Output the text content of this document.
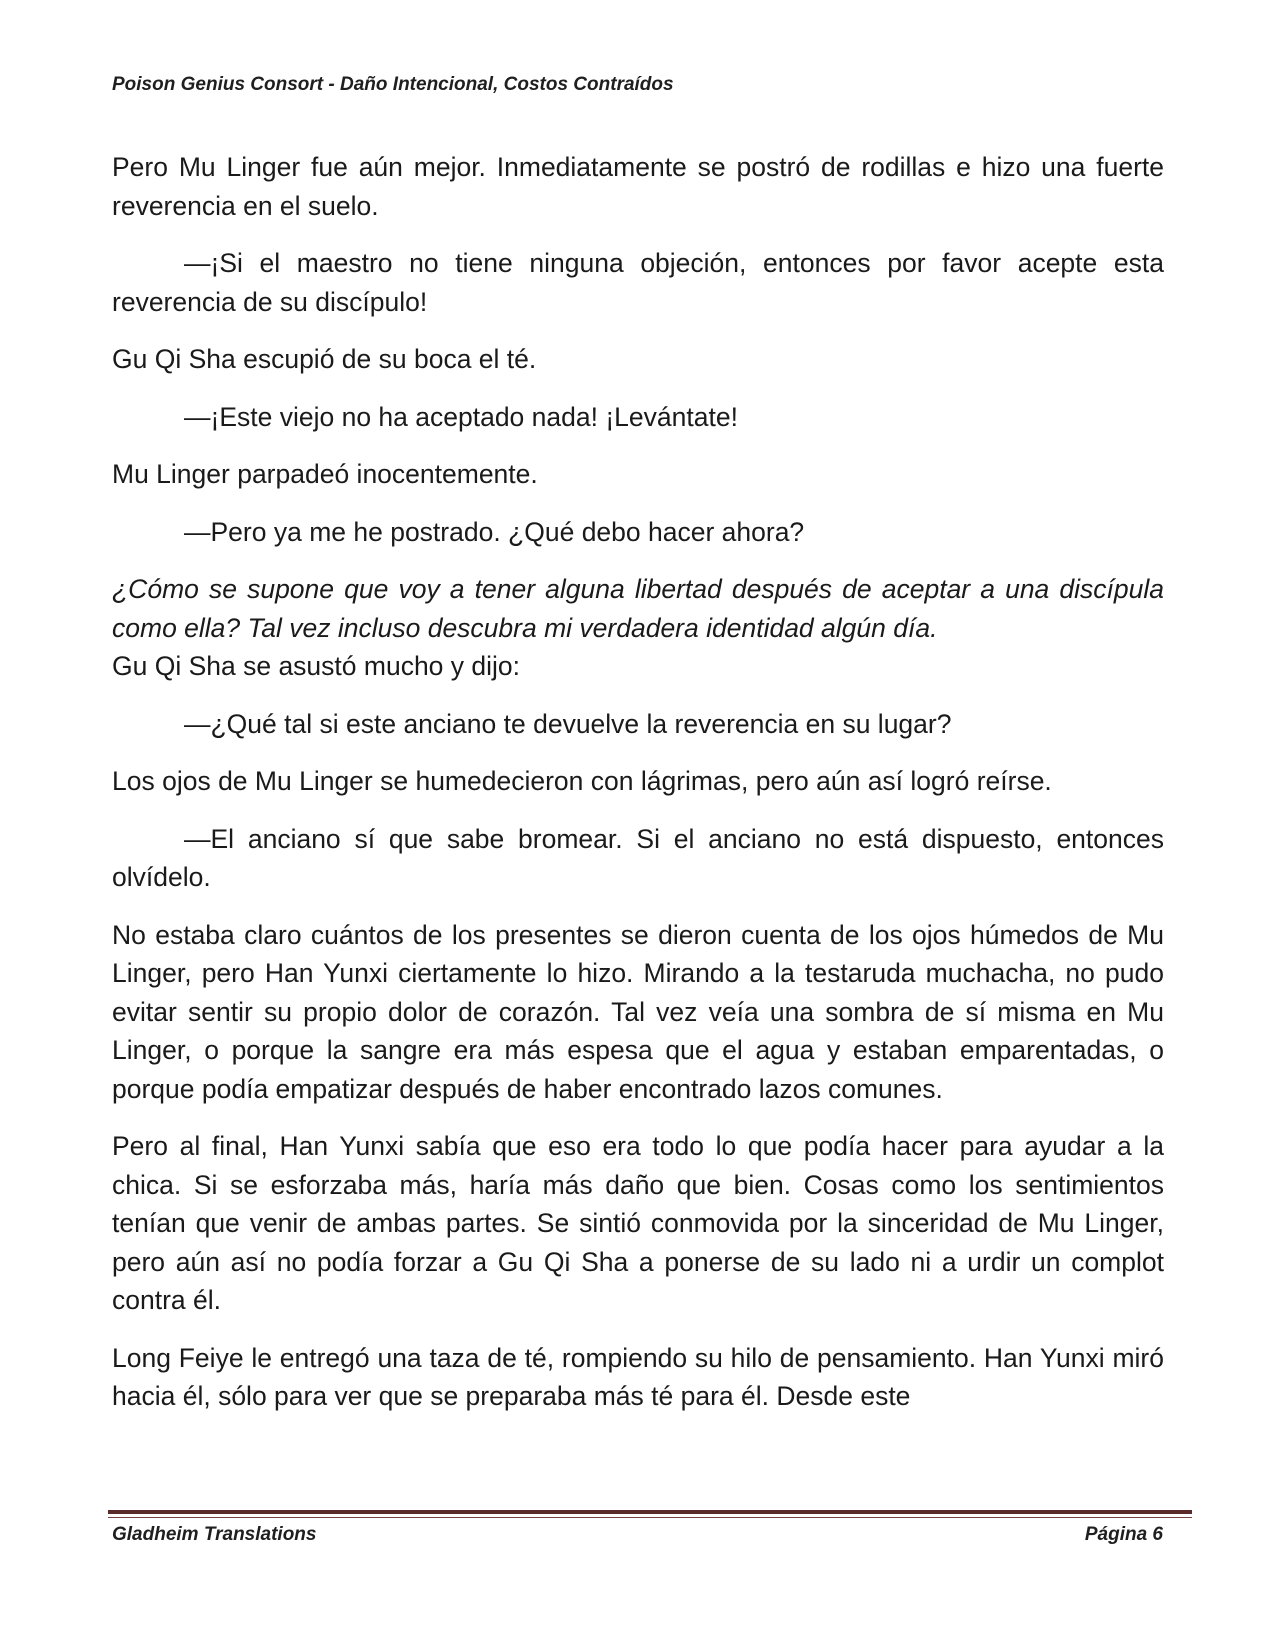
Poison Genius Consort - Daño Intencional, Costos Contraídos

Pero Mu Linger fue aún mejor. Inmediatamente se postró de rodillas e hizo una fuerte reverencia en el suelo.

—¡Si el maestro no tiene ninguna objeción, entonces por favor acepte esta reverencia de su discípulo!

Gu Qi Sha escupió de su boca el té.

—¡Este viejo no ha aceptado nada! ¡Levántate!

Mu Linger parpadeó inocentemente.

—Pero ya me he postrado. ¿Qué debo hacer ahora?

¿Cómo se supone que voy a tener alguna libertad después de aceptar a una discípula como ella? Tal vez incluso descubra mi verdadera identidad algún día.

Gu Qi Sha se asustó mucho y dijo:

—¿Qué tal si este anciano te devuelve la reverencia en su lugar?

Los ojos de Mu Linger se humedecieron con lágrimas, pero aún así logró reírse.

—El anciano sí que sabe bromear. Si el anciano no está dispuesto, entonces olvídelo.

No estaba claro cuántos de los presentes se dieron cuenta de los ojos húmedos de Mu Linger, pero Han Yunxi ciertamente lo hizo. Mirando a la testaruda muchacha, no pudo evitar sentir su propio dolor de corazón. Tal vez veía una sombra de sí misma en Mu Linger, o porque la sangre era más espesa que el agua y estaban emparentadas, o porque podía empatizar después de haber encontrado lazos comunes.

Pero al final, Han Yunxi sabía que eso era todo lo que podía hacer para ayudar a la chica. Si se esforzaba más, haría más daño que bien. Cosas como los sentimientos tenían que venir de ambas partes. Se sintió conmovida por la sinceridad de Mu Linger, pero aún así no podía forzar a Gu Qi Sha a ponerse de su lado ni a urdir un complot contra él.

Long Feiye le entregó una taza de té, rompiendo su hilo de pensamiento. Han Yunxi miró hacia él, sólo para ver que se preparaba más té para él. Desde este

Gladheim Translations	Página 6
